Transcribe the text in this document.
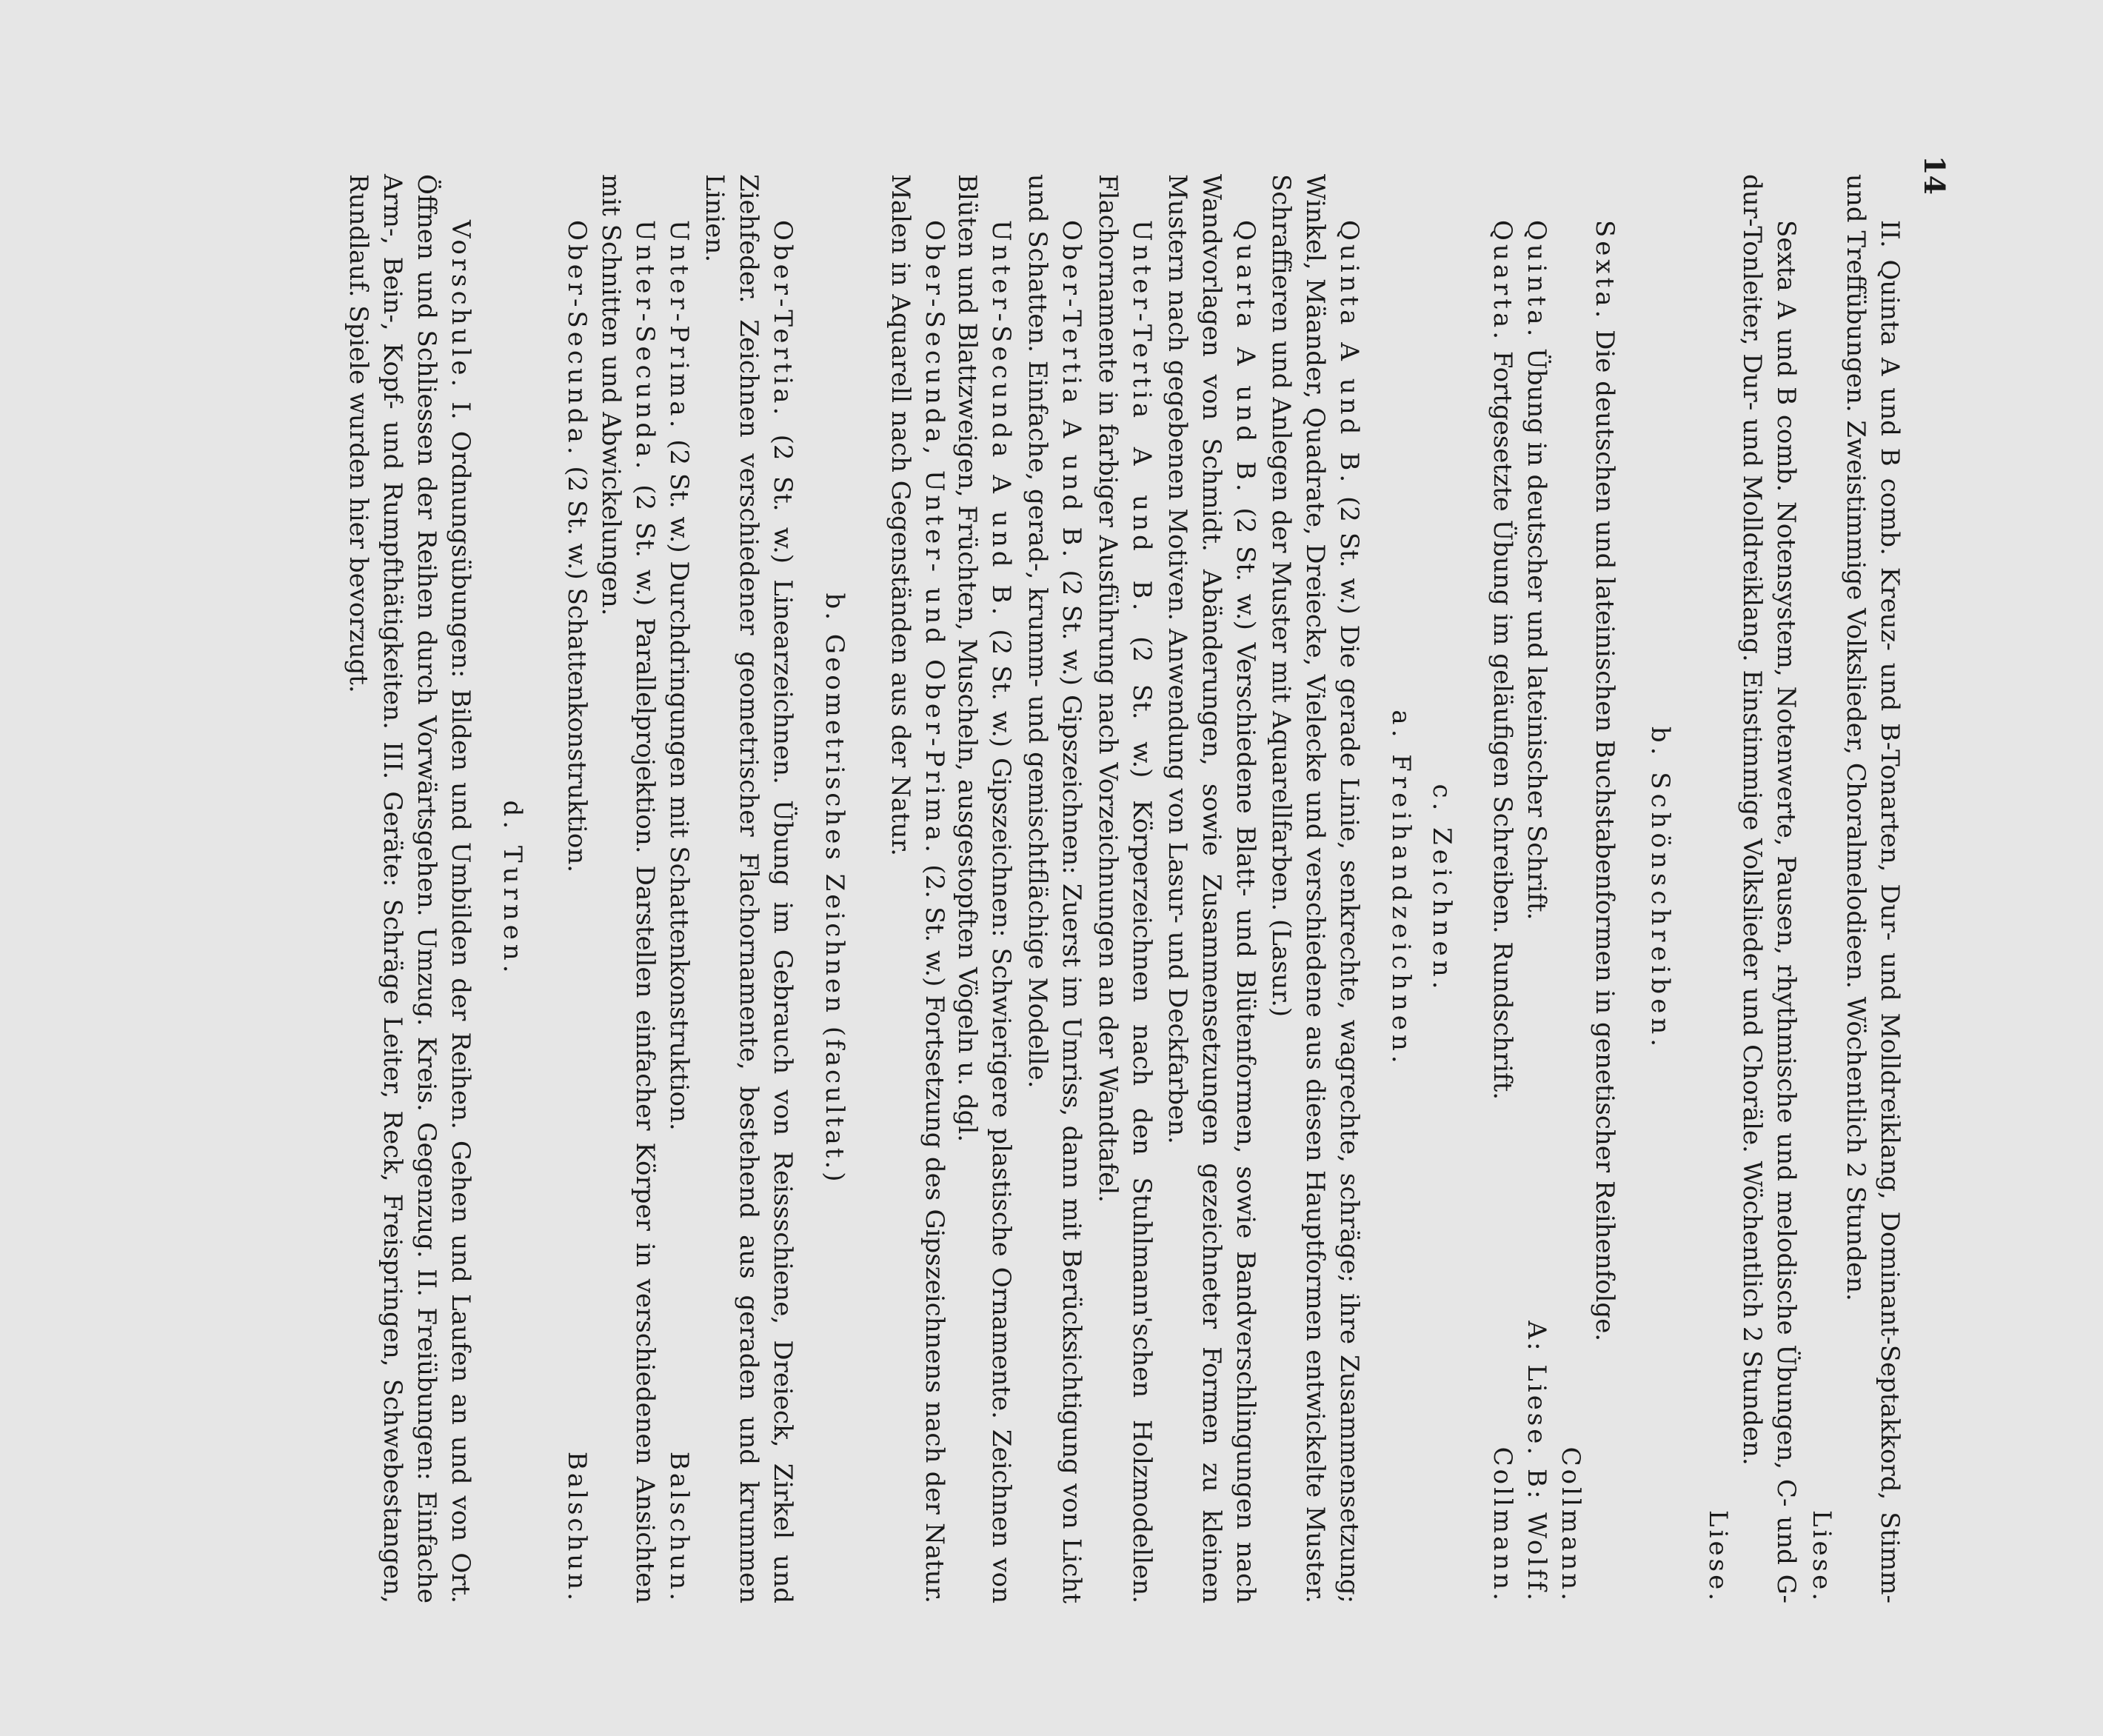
14

II. Quinta A und B comb. Kreuz- und B-Tonarten, Dur- und Molldreiklang, Dominant-Septakkord, Stimm- und Treffübungen. Zweistimmige Volkslieder, Choralmelodieen. Wöchentlich 2 Stunden.

Liese.

Sexta A und B comb. Notensystem, Notenwerte, Pausen, rhythmische und melodische Übungen, C- und G-dur-Tonleiter, Dur- und Molldreiklang. Einstimmige Volkslieder und Choräle. Wöchentlich 2 Stunden.

Liese.
b. Schönschreiben.

Sexta. Die deutschen und lateinischen Buchstabenformen in genetischer Reihenfolge.

Collmann.

A: Liese. B: Wolff.
Quinta. Übung in deutscher und lateinischer Schrift.

Collmann.
Quarta. Fortgesetzte Übung im geläufigen Schreiben. Rundschrift.

c. Zeichnen.
a. Freihandzeichnen.

Quinta A und B. (2 St. w.) Die gerade Linie, senkrechte, wagrechte, schräge; ihre Zusammensetzung; Winkel, Mäander, Quadrate, Dreiecke, Vielecke und verschiedene aus diesen Hauptformen entwickelte Muster. Schraffieren und Anlegen der Muster mit Aquarellfarben. (Lasur.)

Quarta A und B. (2 St. w.) Verschiedene Blatt- und Blütenformen, sowie Bandverschlingungen nach Wandvorlagen von Schmidt. Abänderungen, sowie Zusammensetzungen gezeichneter Formen zu kleinen Mustern nach gegebenen Motiven. Anwendung von Lasur- und Deckfarben.

Unter-Tertia A und B. (2 St. w.) Körperzeichnen nach den Stuhlmann'schen Holzmodellen. Flachornamente in farbiger Ausführung nach Vorzeichnungen an der Wandtafel.

Ober-Tertia A und B. (2 St. w.) Gipszeichnen: Zuerst im Umriss, dann mit Berücksichtigung von Licht und Schatten. Einfache, gerad-, krumm- und gemischtflächige Modelle.

Unter-Secunda A und B. (2 St. w.) Gipszeichnen: Schwierigere plastische Ornamente. Zeichnen von Blüten und Blattzweigen, Früchten, Muscheln, ausgestopften Vögeln u. dgl.

Ober-Secunda, Unter- und Ober-Prima. (2. St. w.) Fortsetzung des Gipszeichnens nach der Natur. Malen in Aquarell nach Gegenständen aus der Natur.

b. Geometrisches Zeichnen (facultat.)

Ober-Tertia. (2 St. w.) Linearzeichnen. Übung im Gebrauch von Reissschiene, Dreieck, Zirkel und Ziehfeder. Zeichnen verschiedener geometrischer Flachornamente, bestehend aus geraden und krummen Linien.

Balschun.
Unter-Prima. (2 St. w.) Durchdringungen mit Schattenkonstruktion.

Unter-Secunda. (2 St. w.) Parallelprojektion. Darstellen einfacher Körper in verschiedenen Ansichten mit Schnitten und Abwickelungen.

Balschun.
Ober-Secunda. (2 St. w.) Schattenkonstruktion.

d. Turnen.

Vorschule. I. Ordnungsübungen: Bilden und Umbilden der Reihen. Gehen und Laufen an und von Ort. Öffnen und Schliessen der Reihen durch Vorwärtsgehen. Umzug. Kreis. Gegenzug. II. Freiübungen: Einfache Arm-, Bein-, Kopf- und Rumpfthätigkeiten. III. Geräte: Schräge Leiter, Reck, Freispringen, Schwebestangen, Rundlauf. Spiele wurden hier bevorzugt.
